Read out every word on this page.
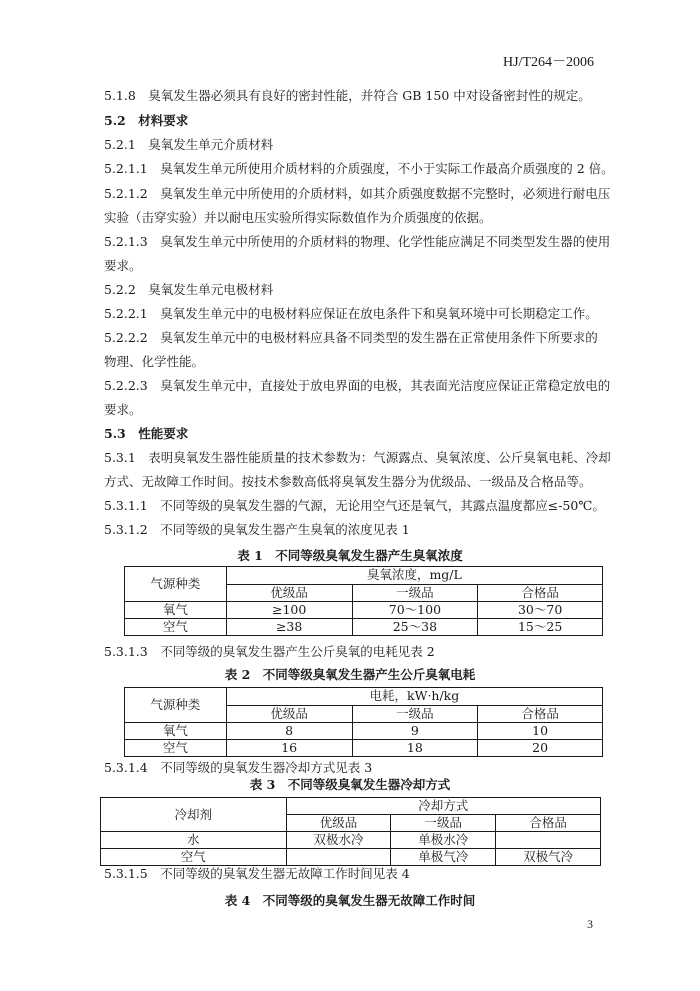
HJ/T264－2006
5.1.8　臭氧发生器必须具有良好的密封性能，并符合 GB 150 中对设备密封性的规定。
5.2　材料要求
5.2.1　臭氧发生单元介质材料
5.2.1.1　臭氧发生单元所使用介质材料的介质强度，不小于实际工作最高介质强度的 2 倍。
5.2.1.2　臭氧发生单元中所使用的介质材料，如其介质强度数据不完整时，必须进行耐电压
实验（击穿实验）并以耐电压实验所得实际数值作为介质强度的依据。
5.2.1.3　臭氧发生单元中所使用的介质材料的物理、化学性能应满足不同类型发生器的使用
要求。
5.2.2　臭氧发生单元电极材料
5.2.2.1　臭氧发生单元中的电极材料应保证在放电条件下和臭氧环境中可长期稳定工作。
5.2.2.2　臭氧发生单元中的电极材料应具备不同类型的发生器在正常使用条件下所要求的
物理、化学性能。
5.2.2.3　臭氧发生单元中，直接处于放电界面的电极，其表面光洁度应保证正常稳定放电的
要求。
5.3　性能要求
5.3.1　表明臭氧发生器性能质量的技术参数为：气源露点、臭氧浓度、公斤臭氧电耗、冷却
方式、无故障工作时间。按技术参数高低将臭氧发生器分为优级品、一级品及合格品等。
5.3.1.1　不同等级的臭氧发生器的气源，无论用空气还是氧气，其露点温度都应≤-50℃。
5.3.1.2　不同等级的臭氧发生器产生臭氧的浓度见表 1
表 1　不同等级臭氧发生器产生臭氧浓度
气源种类	臭氧浓度，mg/L		
	优级品	一级品	合格品
氧气	≥100	70～100	30～70
空气	≥38	25～38	15～25
5.3.1.3　不同等级的臭氧发生器产生公斤臭氧的电耗见表 2
表 2　不同等级臭氧发生器产生公斤臭氧电耗
气源种类	电耗，kW·h/kg		
	优级品	一级品	合格品
氧气	8	9	10
空气	16	18	20
5.3.1.4　不同等级的臭氧发生器冷却方式见表 3
表 3　不同等级臭氧发生器冷却方式
冷却剂	冷却方式		
	优级品	一级品	合格品
水	双极水冷	单极水冷	
空气		单极气冷	双极气冷
5.3.1.5　不同等级的臭氧发生器无故障工作时间见表 4
表 4　不同等级的臭氧发生器无故障工作时间
3
